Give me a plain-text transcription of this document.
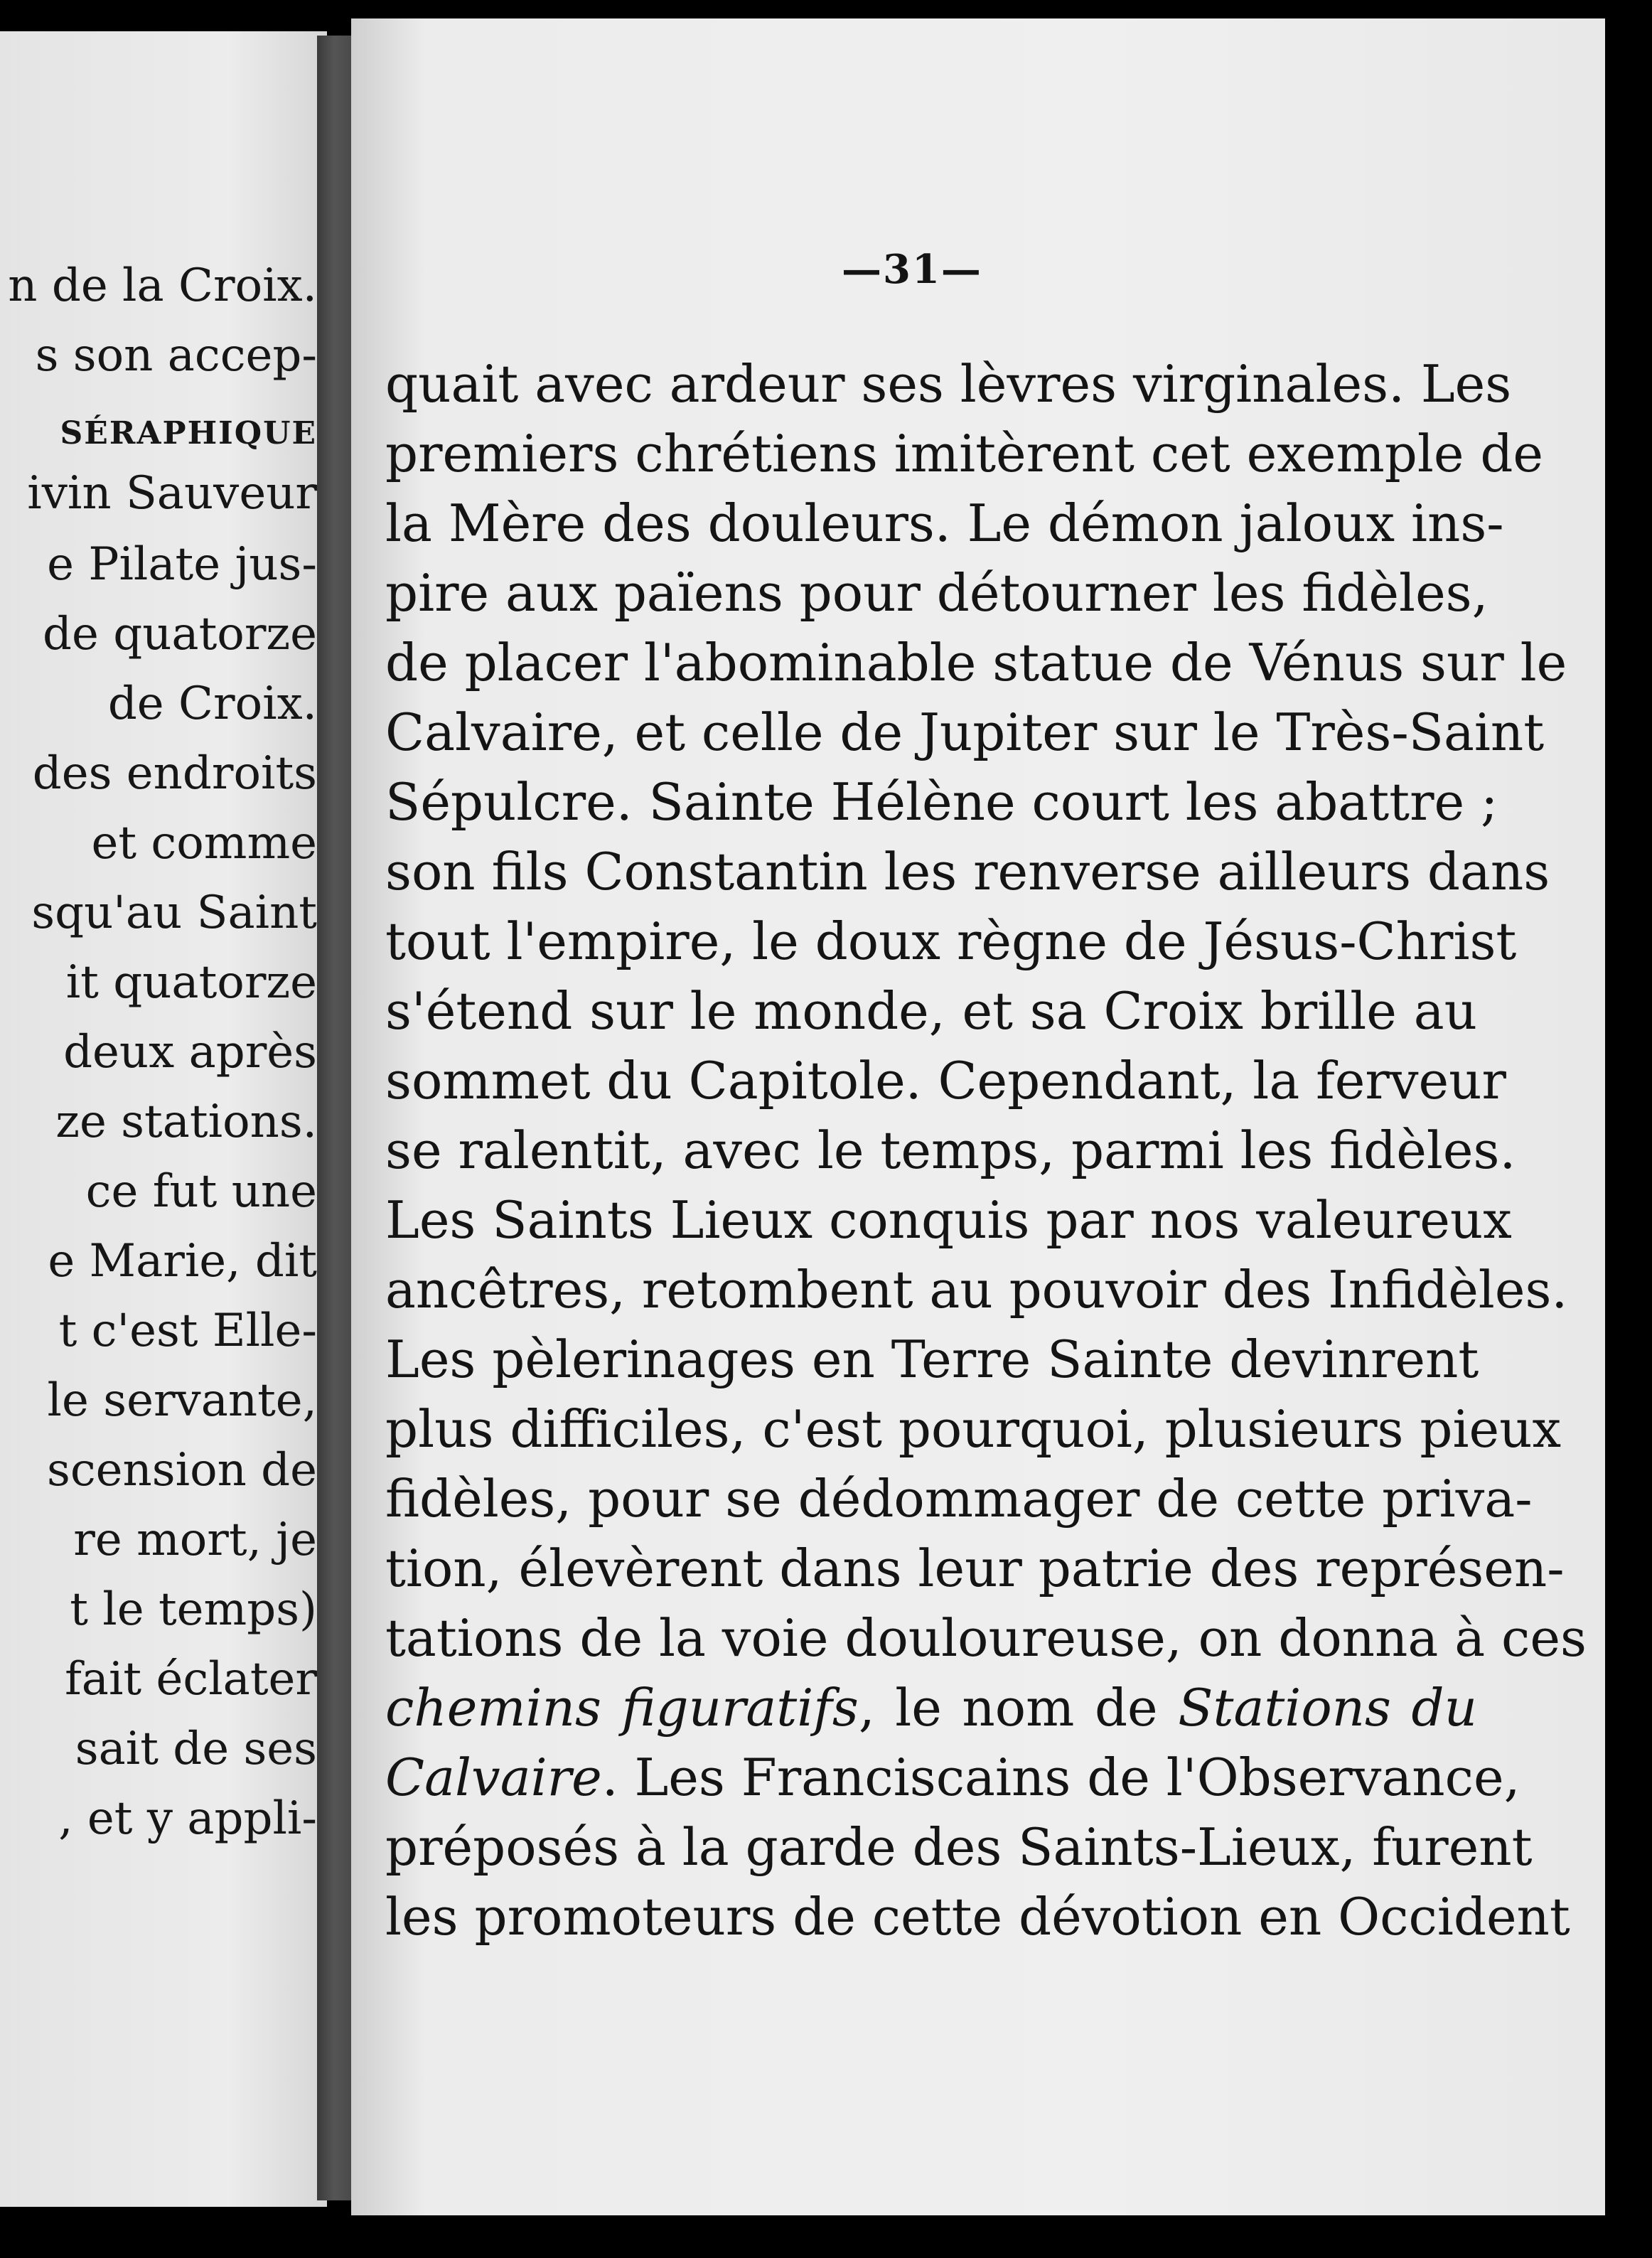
n de la Croix.
s son accep-
SÉRAPHIQUE
ivin Sauveur
e Pilate jus-
de quatorze
de Croix.
des endroits
et comme
squ'au Saint
it quatorze
deux après
ze stations.
ce fut une
e Marie, dit
t c'est Elle-
le servante,
scension de
re mort, je
t le temps)
fait éclater
sait de ses
, et y appli-
—31—
quait avec ardeur ses lèvres virginales. Les
premiers chrétiens imitèrent cet exemple de
la Mère des douleurs. Le démon jaloux ins-
pire aux païens pour détourner les fidèles,
de placer l'abominable statue de Vénus sur le
Calvaire, et celle de Jupiter sur le Très-Saint
Sépulcre. Sainte Hélène court les abattre ;
son fils Constantin les renverse ailleurs dans
tout l'empire, le doux règne de Jésus-Christ
s'étend sur le monde, et sa Croix brille au
sommet du Capitole. Cependant, la ferveur
se ralentit, avec le temps, parmi les fidèles.
Les Saints Lieux conquis par nos valeureux
ancêtres, retombent au pouvoir des Infidèles.
Les pèlerinages en Terre Sainte devinrent
plus difficiles, c'est pourquoi, plusieurs pieux
fidèles, pour se dédommager de cette priva-
tion, élevèrent dans leur patrie des représen-
tations de la voie douloureuse, on donna à ces
chemins figuratifs, le nom de Stations du
Calvaire. Les Franciscains de l'Observance,
préposés à la garde des Saints-Lieux, furent
les promoteurs de cette dévotion en Occident
